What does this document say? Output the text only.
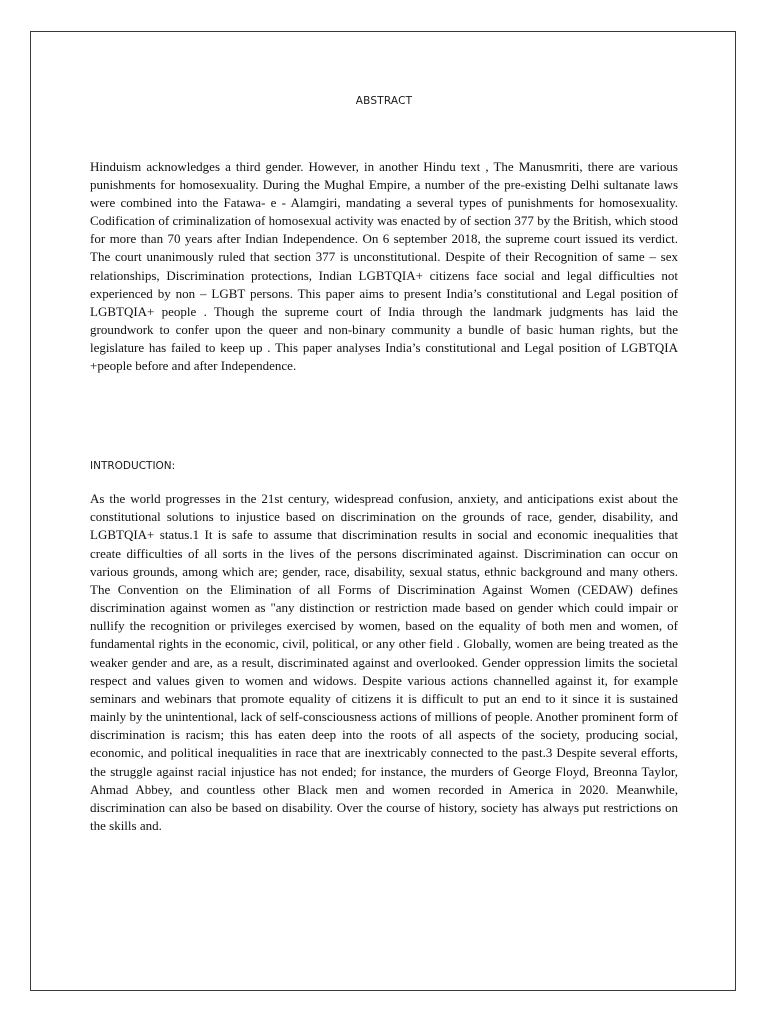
ABSTRACT

Hinduism acknowledges a third gender. However, in another Hindu text , The Manusmriti, there are various punishments for homosexuality. During the Mughal Empire, a number of the pre-existing Delhi sultanate laws were combined into the Fatawa- e - Alamgiri, mandating a several types of punishments for homosexuality. Codification of criminalization of homosexual activity was enacted by of section 377 by the British, which stood for more than 70 years after Indian Independence. On 6 september 2018, the supreme court issued its verdict. The court unanimously ruled that section 377 is unconstitutional. Despite of their Recognition of same – sex relationships, Discrimination protections, Indian LGBTQIA+ citizens face social and legal difficulties not experienced by non – LGBT persons. This paper aims to present India’s constitutional and Legal position of LGBTQIA+ people . Though the supreme court of India through the landmark judgments has laid the groundwork to confer upon the queer and non-binary community a bundle of basic human rights, but the legislature has failed to keep up . This paper analyses India’s constitutional and Legal position of LGBTQIA +people before and after Independence.

INTRODUCTION:

As the world progresses in the 21st century, widespread confusion, anxiety, and anticipations exist about the constitutional solutions to injustice based on discrimination on the grounds of race, gender, disability, and LGBTQIA+ status.1 It is safe to assume that discrimination results in social and economic inequalities that create difficulties of all sorts in the lives of the persons discriminated against. Discrimination can occur on various grounds, among which are; gender, race, disability, sexual status, ethnic background and many others. The Convention on the Elimination of all Forms of Discrimination Against Women (CEDAW) defines discrimination against women as "any distinction or restriction made based on gender which could impair or nullify the recognition or privileges exercised by women, based on the equality of both men and women, of fundamental rights in the economic, civil, political, or any other field . Globally, women are being treated as the weaker gender and are, as a result, discriminated against and overlooked. Gender oppression limits the societal respect and values given to women and widows. Despite various actions channelled against it, for example seminars and webinars that promote equality of citizens it is difficult to put an end to it since it is sustained mainly by the unintentional, lack of self-consciousness actions of millions of people. Another prominent form of discrimination is racism; this has eaten deep into the roots of all aspects of the society, producing social, economic, and political inequalities in race that are inextricably connected to the past.3 Despite several efforts, the struggle against racial injustice has not ended; for instance, the murders of George Floyd, Breonna Taylor, Ahmad Abbey, and countless other Black men and women recorded in America in 2020. Meanwhile, discrimination can also be based on disability. Over the course of history, society has always put restrictions on the skills and.
